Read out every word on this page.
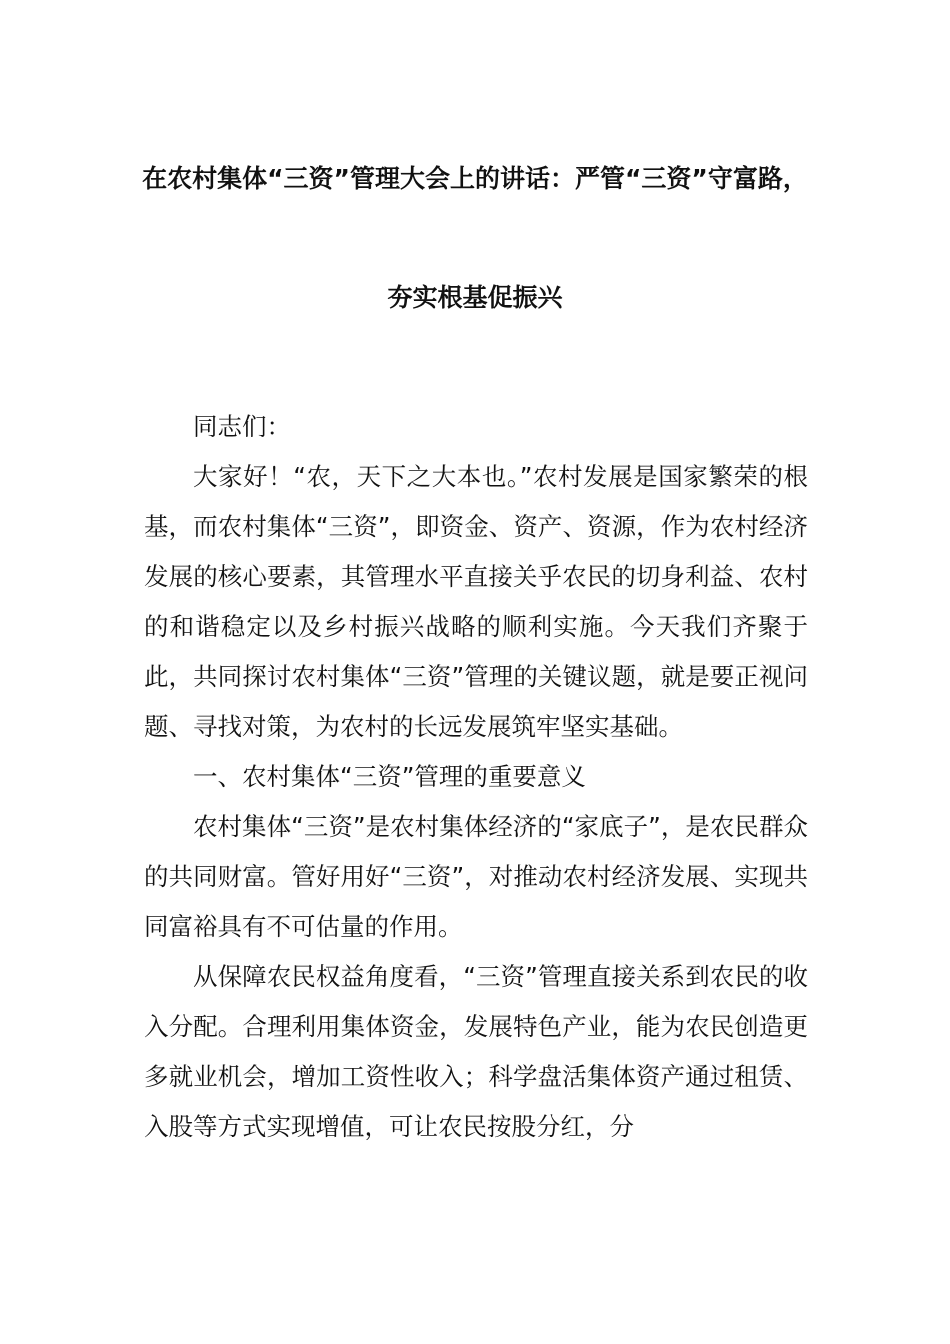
在农村集体“三资”管理大会上的讲话：严管“三资”守富路，
夯实根基促振兴

同志们：

大家好！“农，天下之大本也。”农村发展是国家繁荣的根基，而农村集体“三资”，即资金、资产、资源，作为农村经济发展的核心要素，其管理水平直接关乎农民的切身利益、农村的和谐稳定以及乡村振兴战略的顺利实施。今天我们齐聚于此，共同探讨农村集体“三资”管理的关键议题，就是要正视问题、寻找对策，为农村的长远发展筑牢坚实基础。

一、农村集体“三资”管理的重要意义

农村集体“三资”是农村集体经济的“家底子”，是农民群众的共同财富。管好用好“三资”，对推动农村经济发展、实现共同富裕具有不可估量的作用。

从保障农民权益角度看，“三资”管理直接关系到农民的收入分配。合理利用集体资金，发展特色产业，能为农民创造更多就业机会，增加工资性收入；科学盘活集体资产通过租赁、入股等方式实现增值，可让农民按股分红，分
